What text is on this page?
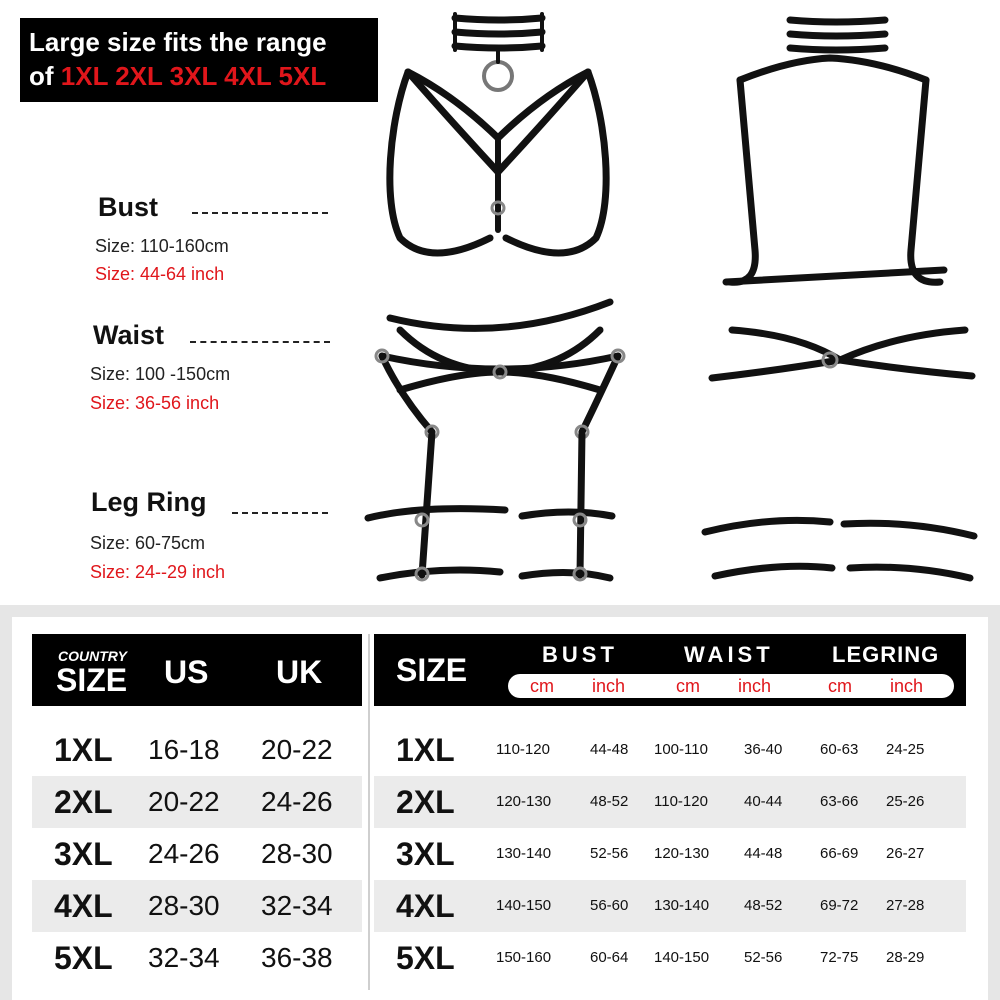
Large size fits the range
of 1XL 2XL 3XL 4XL 5XL
Bust
Size: 110-160cm
Size: 44-64 inch
Waist
Size: 100 -150cm
Size: 36-56 inch
Leg Ring
Size: 60-75cm
Size: 24--29 inch
COUNTRY
SIZE US UK SIZE	BUST	WAIST	LEGRING
cm inch	cm inch	cm inch
1XL 16-18 20-22
2XL 20-22 24-26
3XL 24-26 28-30
4XL 28-30 32-34
5XL 32-34 36-38
1XL	110-120	44-48 100-110 36-40	60-63 24-25
2XL	120-130	48-52 110-120 40-44	63-66 25-26
3XL	130-140	52-56 120-130 44-48	66-69 26-27
4XL	140-150	56-60 130-140 48-52	69-72 27-28
5XL	150-160	60-64 140-150 52-56	72-75 28-29
